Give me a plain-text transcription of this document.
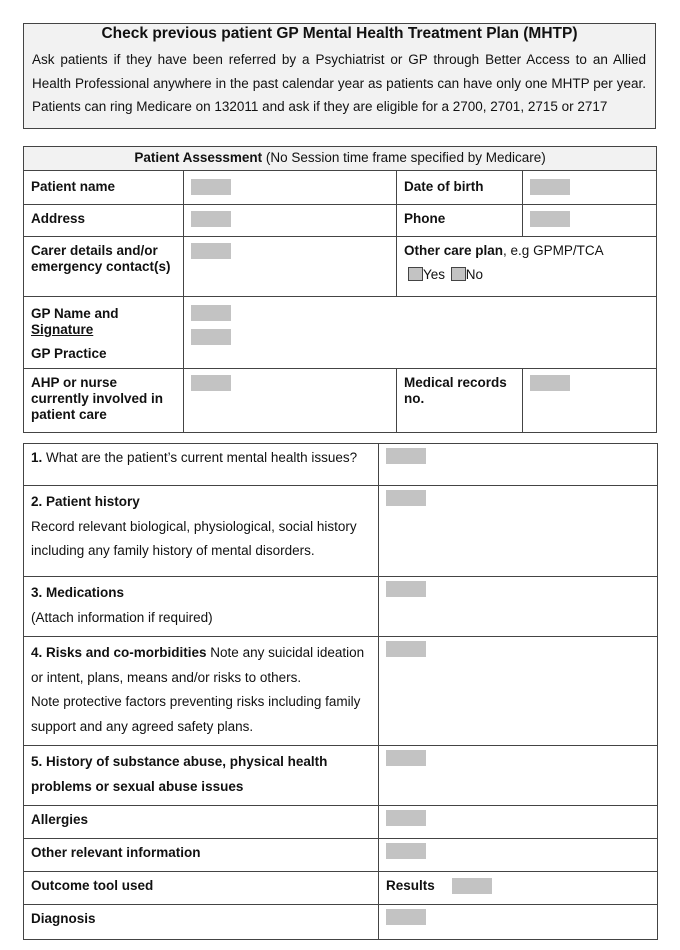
Check previous patient GP Mental Health Treatment Plan (MHTP)
Ask patients if they have been referred by a Psychiatrist or GP through Better Access to an Allied Health Professional anywhere in the past calendar year as patients can have only one MHTP per year. Patients can ring Medicare on 132011 and ask if they are eligible for a 2700, 2701, 2715 or 2717
Patient Assessment (No Session time frame specified by Medicare)			
Patient name		Date of birth	

Address		Phone	

Carer details and/or emergency contact(s)		Other care plan, e.g GPMP/TCA
Yes No	

GP Name and
Signature
GP Practice			

AHP or nurse currently involved in patient care		Medical records no.	
1. What are the patient’s current mental health issues?	

2. Patient history
Record relevant biological, physiological, social history including any family history of mental disorders.	

3. Medications
(Attach information if required)	

4. Risks and co-morbidities Note any suicidal ideation or intent, plans, means and/or risks to others.
Note protective factors preventing risks including family support and any agreed safety plans.	

5. History of substance abuse, physical health problems or sexual abuse issues	

Allergies	

Other relevant information	

Outcome tool used	Results
Diagnosis	
